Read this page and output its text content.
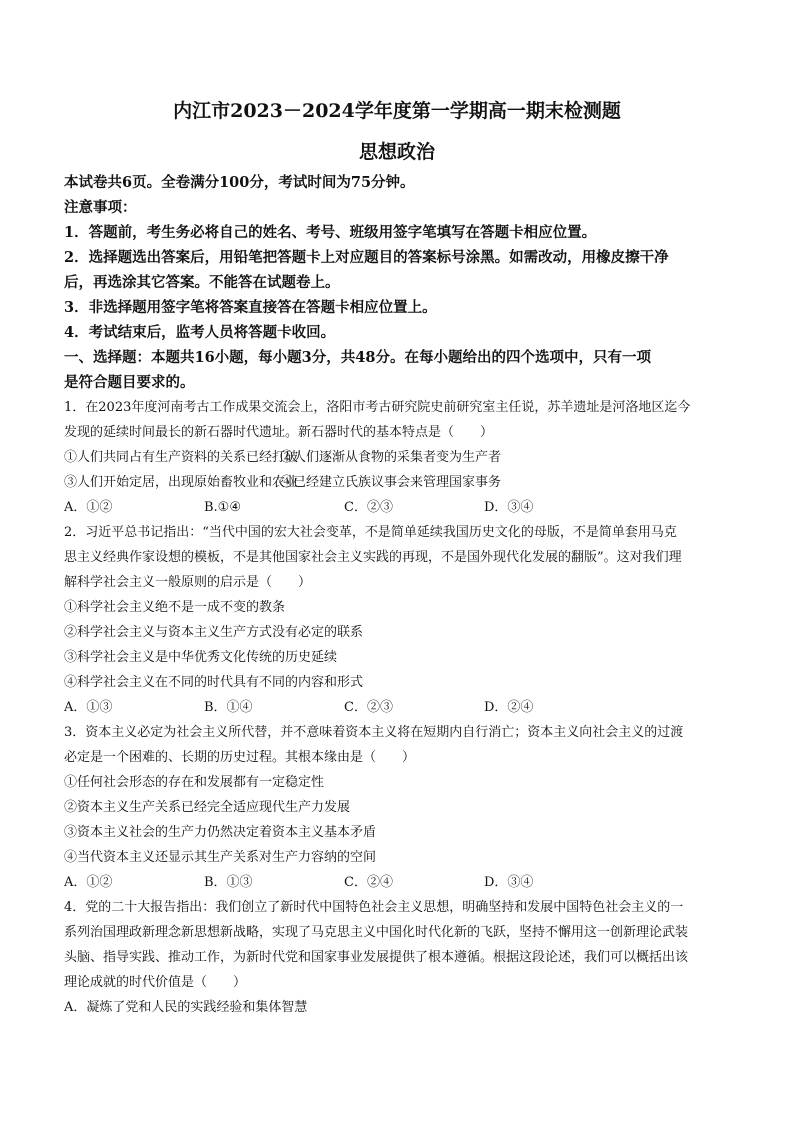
内江市2023－2024学年度第一学期高一期末检测题
思想政治
本试卷共6页。全卷满分100分，考试时间为75分钟。
注意事项：
1．答题前，考生务必将自己的姓名、考号、班级用签字笔填写在答题卡相应位置。
2．选择题选出答案后，用铅笔把答题卡上对应题目的答案标号涂黑。如需改动，用橡皮擦干净
后，再选涂其它答案。不能答在试题卷上。
3．非选择题用签字笔将答案直接答在答题卡相应位置上。
4．考试结束后，监考人员将答题卡收回。
一、选择题：本题共16小题，每小题3分，共48分。在每小题给出的四个选项中，只有一项
是符合题目要求的。
1．在2023年度河南考古工作成果交流会上，洛阳市考古研究院史前研究室主任说，苏羊遗址是河洛地区迄今
发现的延续时间最长的新石器时代遗址。新石器时代的基本特点是（　　）
①人们共同占有生产资料的关系已经打破
②人们逐渐从食物的采集者变为生产者
③人们开始定居，出现原始畜牧业和农业
④已经建立氏族议事会来管理国家事务
A．①②	B.①④	C．②③	D．③④
2．习近平总书记指出：“当代中国的宏大社会变革，不是简单延续我国历史文化的母版，不是简单套用马克
思主义经典作家设想的模板，不是其他国家社会主义实践的再现，不是国外现代化发展的翻版”。这对我们理
解科学社会主义一般原则的启示是（　　）
①科学社会主义绝不是一成不变的教条
②科学社会主义与资本主义生产方式没有必定的联系
③科学社会主义是中华优秀文化传统的历史延续
④科学社会主义在不同的时代具有不同的内容和形式
A．①③	B．①④	C．②③	D．②④
3．资本主义必定为社会主义所代替，并不意味着资本主义将在短期内自行消亡；资本主义向社会主义的过渡
必定是一个困难的、长期的历史过程。其根本缘由是（　　）
①任何社会形态的存在和发展都有一定稳定性
②资本主义生产关系已经完全适应现代生产力发展
③资本主义社会的生产力仍然决定着资本主义基本矛盾
④当代资本主义还显示其生产关系对生产力容纳的空间
A．①②	B．①③	C．②④	D．③④
4．党的二十大报告指出：我们创立了新时代中国特色社会主义思想，明确坚持和发展中国特色社会主义的一
系列治国理政新理念新思想新战略，实现了马克思主义中国化时代化新的飞跃，坚持不懈用这一创新理论武装
头脑、指导实践、推动工作，为新时代党和国家事业发展提供了根本遵循。根据这段论述，我们可以概括出该
理论成就的时代价值是（　　）
A．凝炼了党和人民的实践经验和集体智慧
